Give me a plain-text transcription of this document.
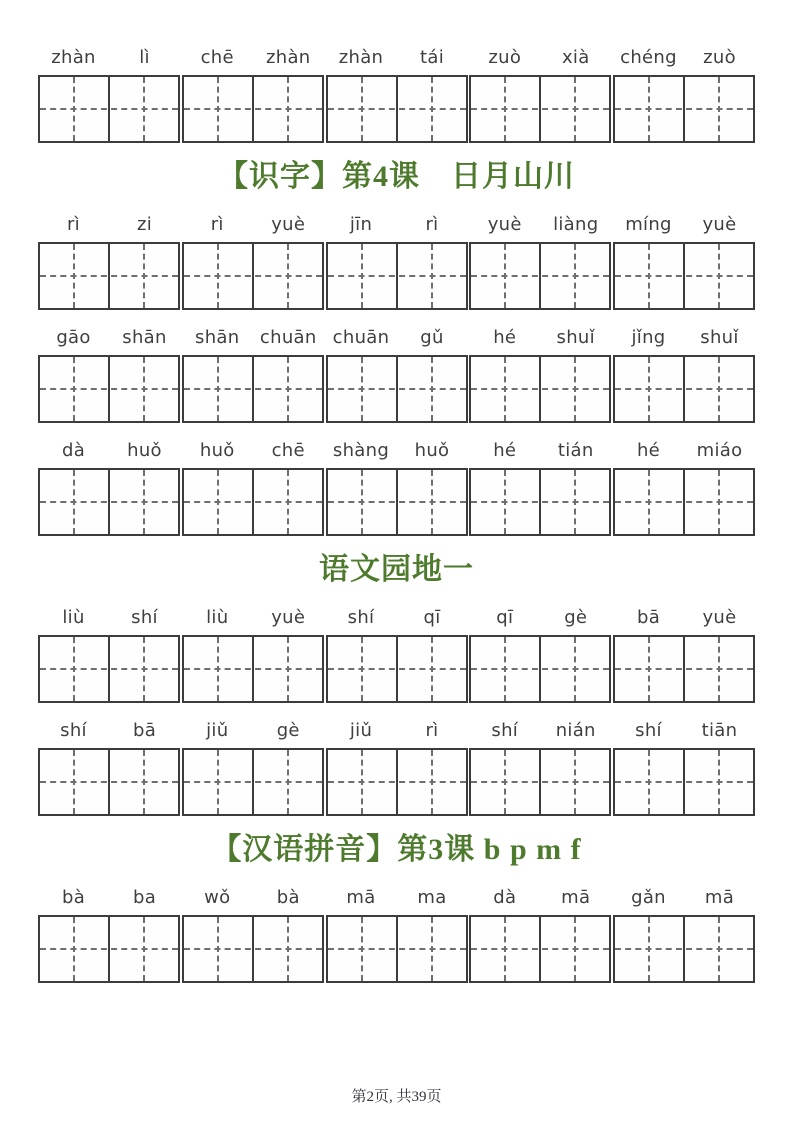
zhàn	lì	chē	zhàn	zhàn	tái	zuò	xià	chéng	zuò
【识字】第4课　日月山川
rì	zi	rì	yuè	jīn	rì	yuè	liàng	míng	yuè
gāo	shān	shān	chuān chuān	gǔ	hé	shuǐ	jǐng	shuǐ
dà	huǒ	huǒ	chē	shàng	huǒ	hé	tián	hé	miáo
语文园地一
liù	shí	liù	yuè	shí	qī	qī	gè	bā	yuè
shí	bā	jiǔ	gè	jiǔ	rì	shí	nián	shí	tiān
【汉语拼音】第3课 b p m f
bà	ba	wǒ	bà	mā	ma	dà	mā	gǎn	mā
第2页, 共39页
